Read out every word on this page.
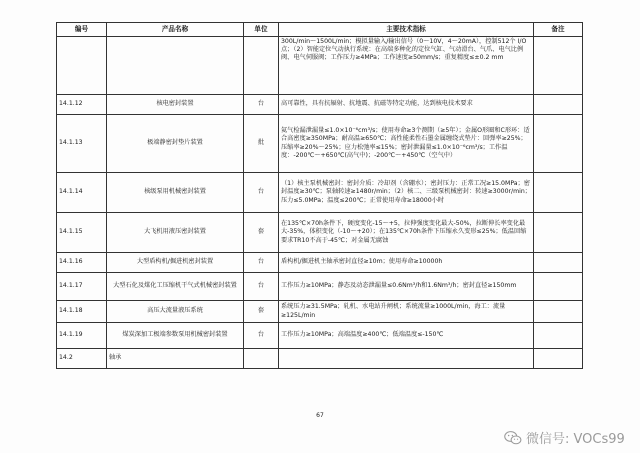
编号	产品名称	单位	主要技术指标	备注
			300L/min～1500L/min；模拟量输入/输出信号（0～10V，4～20mA），控制512个 I/O 点；（2）智能定位气动执行系统：在高端多种化的定位气缸、气动滑台、气爪、电气比例阀、电气伺服阀；工作压力≥4MPa；工作速度≥50mm/s；重复精度≤±0.2 mm	
14.1.12	核电密封装置	台	高可靠性，具有抗辐射、抗地震、抗磁等特定功能，达到核电技术要求	
14.1.13	极端静密封垫片装置	批	氦气检漏泄漏量≤1.0×10⁻⁶cm³/s；使用寿命≥3个测期（≥5年）；金属O形圈和C形环：适合高密度≥350MPa；耐高温≥650℃；高性能柔性石墨金属缠绕式垫片：回弹率≥25%；压缩率≥20%～25%；应力松弛率≤15%；密封泄漏量≤1.0×10⁻⁶cm³/s；工作温度：-200℃～+650℃(高气中)；-200℃～+450℃（空气中）	
14.1.14	核级泵用机械密封装置	台	（1）核主泵机械密封：密封介质：冷却剂（含硼水）；密封压力：正常工况≥15.0MPa；密封温度≥30℃；泵轴转速≥1480r/min；（2）核二、三级泵机械密封：转速≥3000r/min；压力≤5.0MPa；温度≤200℃；正常使用寿命≥18000小时	
14.1.15	大飞机用液压密封装置	套	在135℃×70h条件下，硬度变化-15～+5，拉伸强度变化最大-50%，拉断伸长率变化最大-35%，体积变化（-10～+20）；在135℃×70h条件下压缩永久变形≤25%；低温回缩要求TR10不高于-45℃；对金属无腐蚀	
14.1.16	大型盾构机/掘进机密封装置	台	盾构机/掘进机主轴承密封直径≥10m；使用寿命≥10000h	
14.1.17	大型石化及煤化工压缩机干气式机械密封装置	台	工作压力≥10MPa；静态及动态泄漏量≤0.6Nm³/h和1.6Nm³/h；密封直径≥150mm	
14.1.18	高压大流量液压系统	套	系统压力≥31.5MPa；轧机、水电站升闸机；系统流量≥1000L/min，海工：流量≥125L/min	
14.1.19	煤炭深加工极端参数泵用机械密封装置	台	工作压力≥10MPa；高端温度≥400℃；低端温度≤-150℃	
14.2	轴承			
67
微信号: VOCs99
